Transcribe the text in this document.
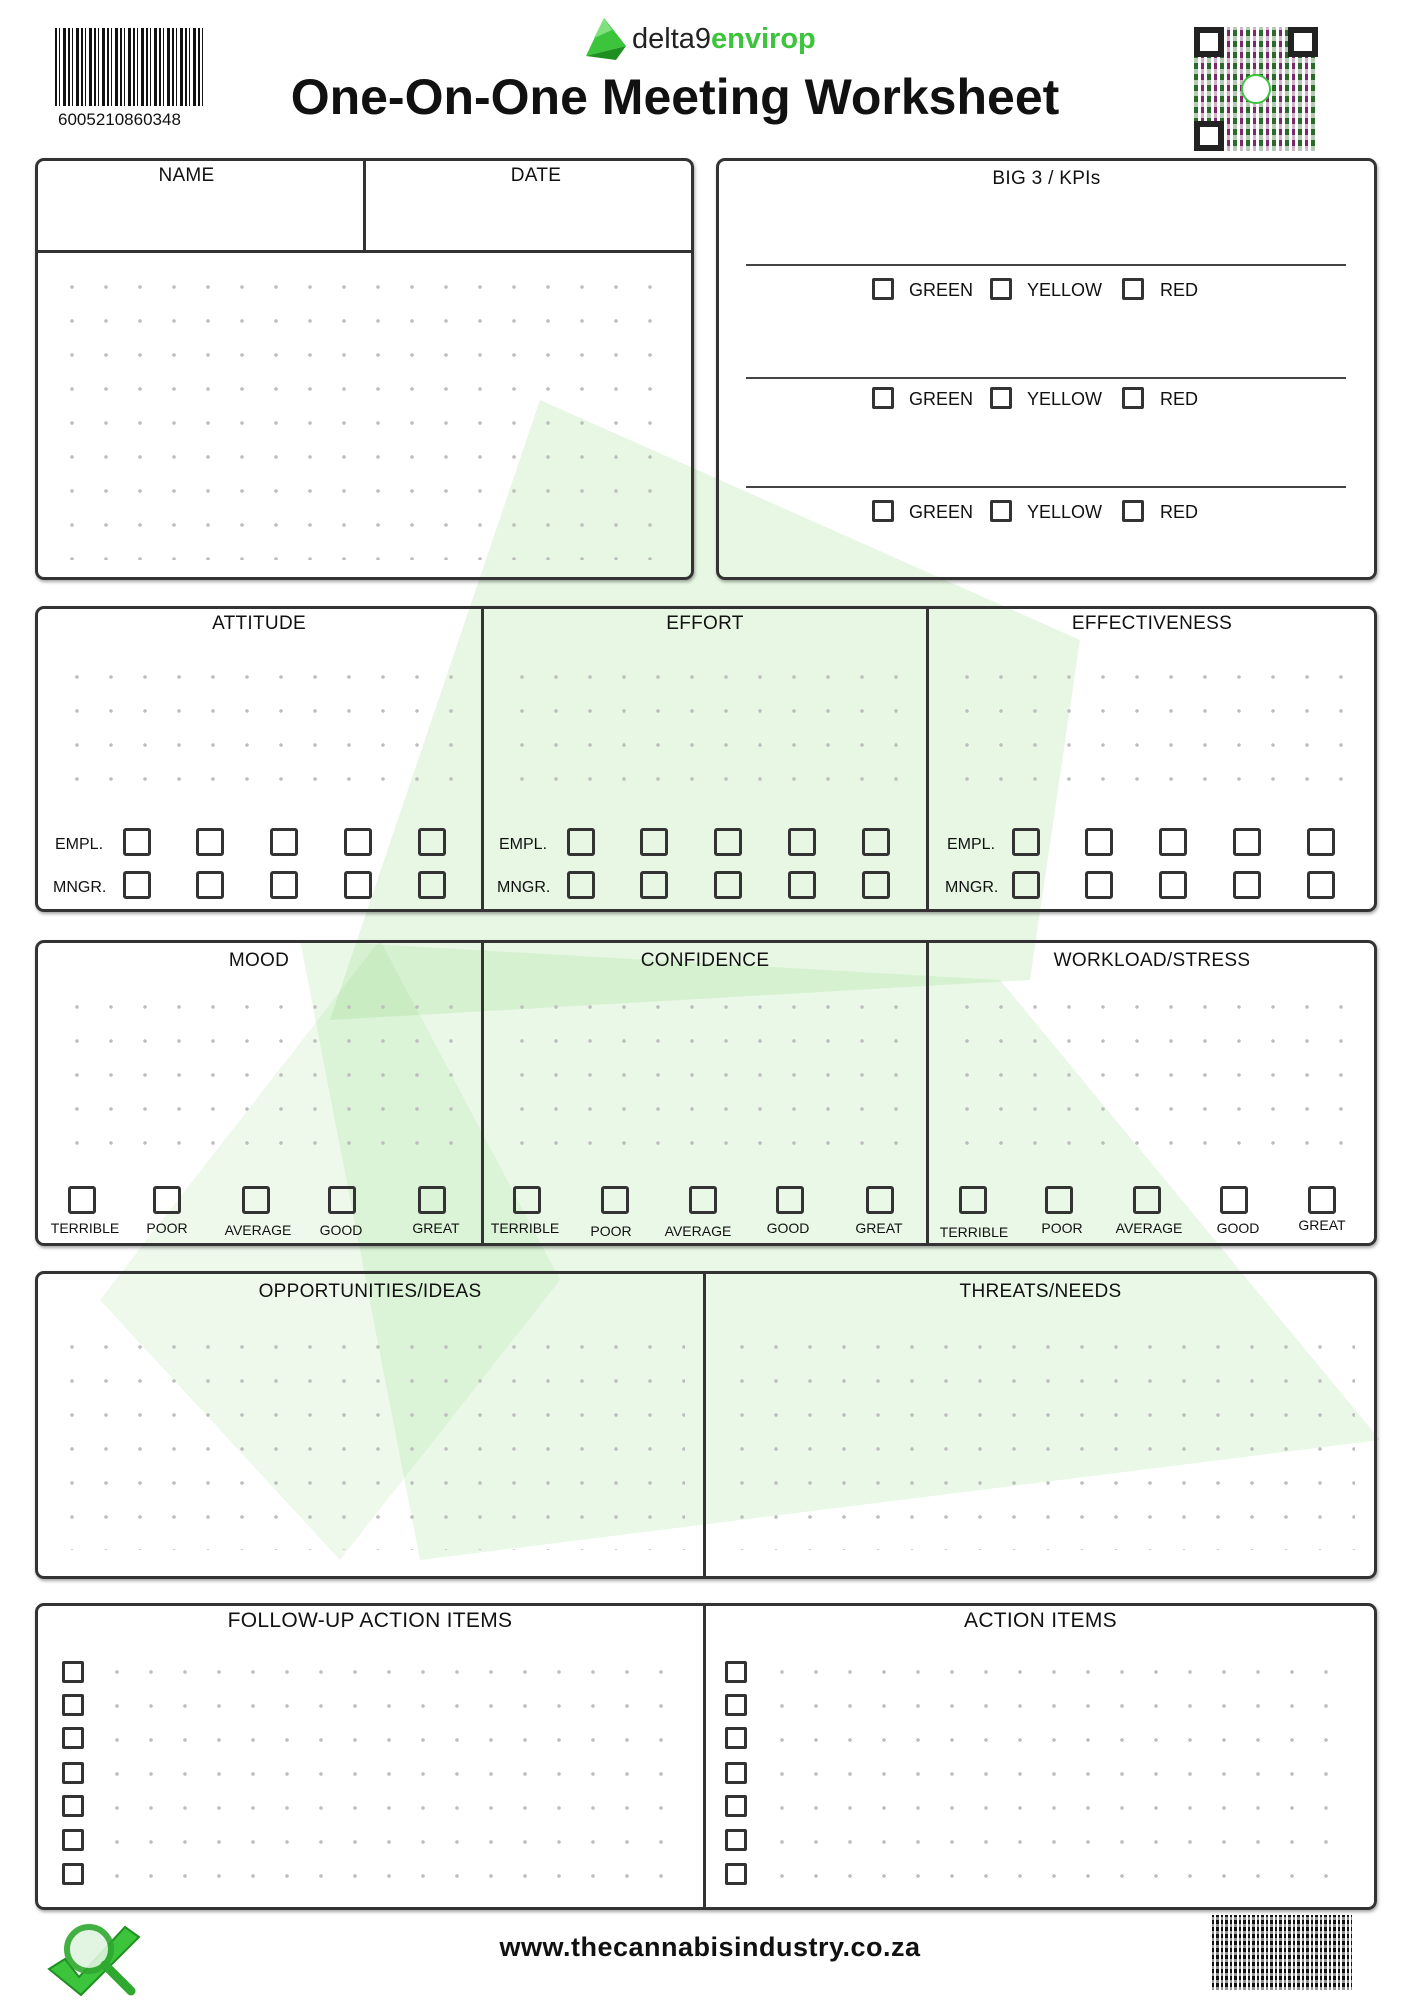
6005210860348
delta9 envirop
One-On-One Meeting Worksheet
NAME	DATE	BIG 3 / KPIs
GREEN	YELLOW	RED
GREEN	YELLOW	RED
GREEN	YELLOW	RED
ATTITUDE	EFFORT	EFFECTIVENESS
EMPL.
MNGR.
EMPL.
MNGR.
EMPL.
MNGR.
MOOD	CONFIDENCE	WORKLOAD/STRESS
TERRIBLE	POOR	AVERAGE	GOOD	GREAT	TERRIBLE	POOR	AVERAGE	GOOD	GREAT	TERRIBLE	POOR	AVERAGE	GOOD	GREAT
OPPORTUNITIES/IDEAS	THREATS/NEEDS
FOLLOW-UP ACTION ITEMS	ACTION ITEMS
www.thecannabisindustry.co.za
